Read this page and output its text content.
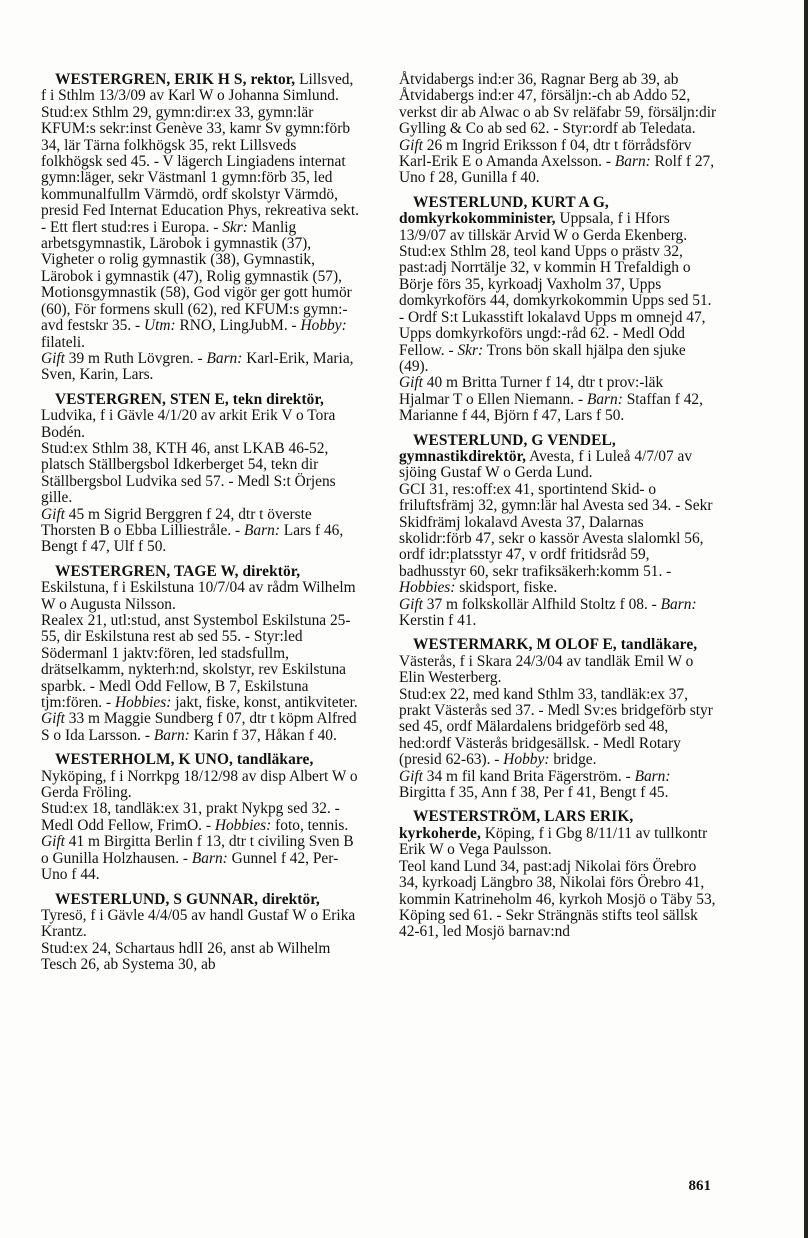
WESTERGREN, ERIK H S, rektor, Lillsved, f i Sthlm 13/3/09 av Karl W o Johanna Simlund.
Stud:ex Sthlm 29, gymn:dir:ex 33, gymn:lär KFUM:s sekr:inst Genève 33, kamr Sv gymn:förb 34, lär Tärna folkhögsk 35, rekt Lillsveds folkhögsk sed 45. - V lägerch Lingiadens internat gymn:läger, sekr Västmanl 1 gymn:förb 35, led kommunalfullm Värmdö, ordf skolstyr Värmdö, presid Fed Internat Education Phys, rekreativa sekt. - Ett flert stud:res i Europa. - Skr: Manlig arbetsgymnastik, Lärobok i gymnastik (37), Vigheter o rolig gymnastik (38), Gymnastik, Lärobok i gymnastik (47), Rolig gymnastik (57), Motionsgymnastik (58), God vigör ger gott humör (60), För formens skull (62), red KFUM:s gymn:-avd festskr 35. - Utm: RNO, LingJubM. - Hobby: filateli.
Gift 39 m Ruth Lövgren. - Barn: Karl-Erik, Maria, Sven, Karin, Lars.
VESTERGREN, STEN E, tekn direktör, Ludvika, f i Gävle 4/1/20 av arkit Erik V o Tora Bodén.
Stud:ex Sthlm 38, KTH 46, anst LKAB 46-52, platsch Ställbergsbol Idkerberget 54, tekn dir Ställbergsbol Ludvika sed 57. - Medl S:t Örjens gille.
Gift 45 m Sigrid Berggren f 24, dtr t överste Thorsten B o Ebba Lilliestråle. - Barn: Lars f 46, Bengt f 47, Ulf f 50.
WESTERGREN, TAGE W, direktör, Eskilstuna, f i Eskilstuna 10/7/04 av rådm Wilhelm W o Augusta Nilsson.
Realex 21, utl:stud, anst Systembol Eskilstuna 25-55, dir Eskilstuna rest ab sed 55. - Styr:led Södermanl 1 jaktv:fören, led stadsfullm, drätselkamm, nykterh:nd, skolstyr, rev Eskilstuna sparbk. - Medl Odd Fellow, B 7, Eskilstuna tjm:fören. - Hobbies: jakt, fiske, konst, antikviteter.
Gift 33 m Maggie Sundberg f 07, dtr t köpm Alfred S o Ida Larsson. - Barn: Karin f 37, Håkan f 40.
WESTERHOLM, K UNO, tandläkare, Nyköping, f i Norrkpg 18/12/98 av disp Albert W o Gerda Fröling.
Stud:ex 18, tandläk:ex 31, prakt Nykpg sed 32. - Medl Odd Fellow, FrimO. - Hobbies: foto, tennis.
Gift 41 m Birgitta Berlin f 13, dtr t civiling Sven B o Gunilla Holzhausen. - Barn: Gunnel f 42, Per-Uno f 44.
WESTERLUND, S GUNNAR, direktör, Tyresö, f i Gävle 4/4/05 av handl Gustaf W o Erika Krantz.
Stud:ex 24, Schartaus hdlI 26, anst ab Wilhelm Tesch 26, ab Systema 30, ab
Åtvidabergs ind:er 36, Ragnar Berg ab 39, ab Åtvidabergs ind:er 47, försäljn:-ch ab Addo 52, verkst dir ab Alwac o ab Sv reläfabr 59, försäljn:dir Gylling & Co ab sed 62. - Styr:ordf ab Teledata.
Gift 26 m Ingrid Eriksson f 04, dtr t förrådsförv Karl-Erik E o Amanda Axelsson. - Barn: Rolf f 27, Uno f 28, Gunilla f 40.
WESTERLUND, KURT A G, domkyrkokomminister, Uppsala, f i Hfors 13/9/07 av tillskär Arvid W o Gerda Ekenberg.
Stud:ex Sthlm 28, teol kand Upps o prästv 32, past:adj Norrtälje 32, v kommin H Trefaldigh o Börje förs 35, kyrkoadj Vaxholm 37, Upps domkyrkoförs 44, domkyrkokommin Upps sed 51. - Ordf S:t Lukasstift lokalavd Upps m omnejd 47, Upps domkyrkoförs ungd:-råd 62. - Medl Odd Fellow. - Skr: Trons bön skall hjälpa den sjuke (49).
Gift 40 m Britta Turner f 14, dtr t prov:-läk Hjalmar T o Ellen Niemann. - Barn: Staffan f 42, Marianne f 44, Björn f 47, Lars f 50.
WESTERLUND, G VENDEL, gymnastikdirektör, Avesta, f i Luleå 4/7/07 av sjöing Gustaf W o Gerda Lund.
GCI 31, res:off:ex 41, sportintend Skid- o friluftsfrämj 32, gymn:lär hal Avesta sed 34. - Sekr Skidfrämj lokalavd Avesta 37, Dalarnas skolidr:förb 47, sekr o kassör Avesta slalomkl 56, ordf idr:platsstyr 47, v ordf fritidsråd 59, badhusstyr 60, sekr trafiksäkerh:komm 51. - Hobbies: skidsport, fiske.
Gift 37 m folkskollär Alfhild Stoltz f 08. - Barn: Kerstin f 41.
WESTERMARK, M OLOF E, tandläkare, Västerås, f i Skara 24/3/04 av tandläk Emil W o Elin Westerberg.
Stud:ex 22, med kand Sthlm 33, tandläk:ex 37, prakt Västerås sed 37. - Medl Sv:es bridgeförb styr sed 45, ordf Mälardalens bridgeförb sed 48, hed:ordf Västerås bridgesällsk. - Medl Rotary (presid 62-63). - Hobby: bridge.
Gift 34 m fil kand Brita Fägerström. - Barn: Birgitta f 35, Ann f 38, Per f 41, Bengt f 45.
WESTERSTRÖM, LARS ERIK, kyrkoherde, Köping, f i Gbg 8/11/11 av tullkontr Erik W o Vega Paulsson.
Teol kand Lund 34, past:adj Nikolai förs Örebro 34, kyrkoadj Längbro 38, Nikolai förs Örebro 41, kommin Katrineholm 46, kyrkoh Mosjö o Täby 53, Köping sed 61. - Sekr Strängnäs stifts teol sällsk 42-61, led Mosjö barnav:nd
861
